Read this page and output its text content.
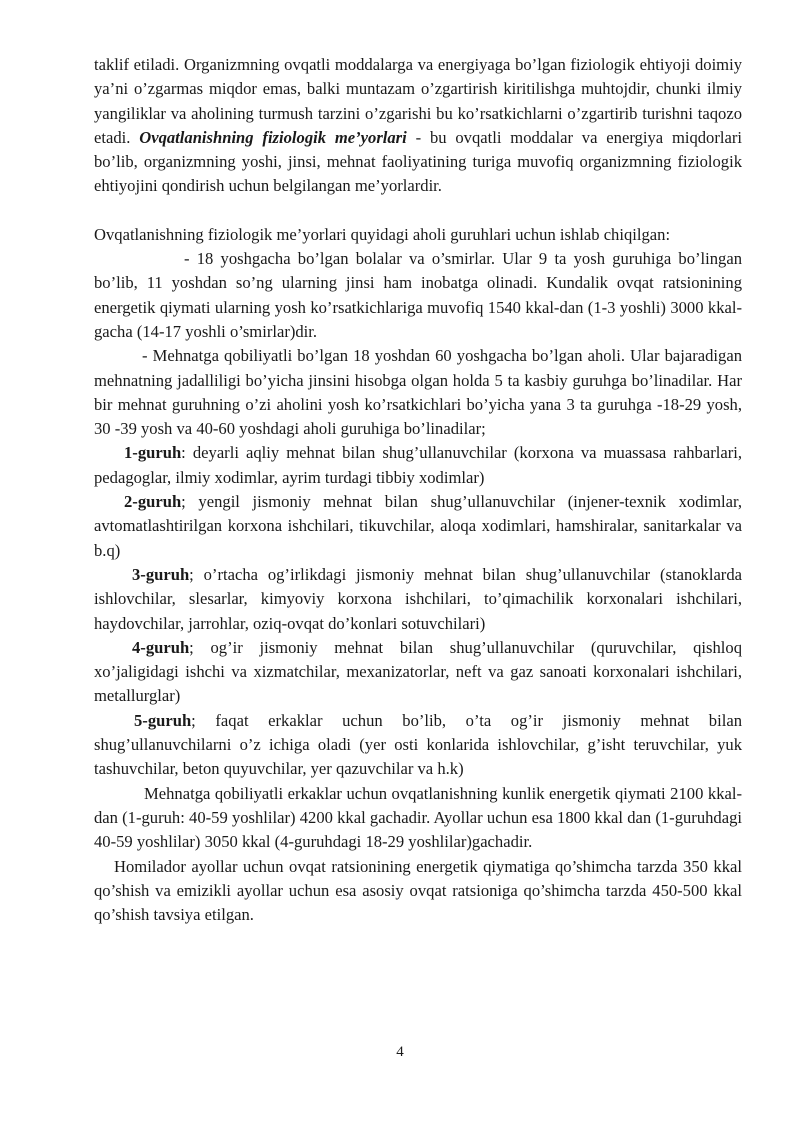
taklif etiladi. Organizmning ovqatli moddalarga va energiyaga bo’lgan fiziologik ehtiyoji doimiy ya’ni o’zgarmas miqdor emas, balki muntazam o’zgartirish kiritilishga muhtojdir, chunki ilmiy yangiliklar va aholining turmush tarzini o’zgarishi bu ko’rsatkichlarni o’zgartirib turishni taqozo etadi. Ovqatlanishning fiziologik me’yorlari - bu ovqatli moddalar va energiya miqdorlari bo’lib, organizmning yoshi, jinsi, mehnat faoliyatining turiga muvofiq organizmning fiziologik ehtiyojini qondirish uchun belgilangan me’yorlardir.

Ovqatlanishning fiziologik me’yorlari quyidagi aholi guruhlari uchun ishlab chiqilgan:

- 18 yoshgacha bo’lgan bolalar va o’smirlar. Ular 9 ta yosh guruhiga bo’lingan bo’lib, 11 yoshdan so’ng ularning jinsi ham inobatga olinadi. Kundalik ovqat ratsionining energetik qiymati ularning yosh ko’rsatkichlariga muvofiq 1540 kkal-dan (1-3 yoshli) 3000 kkal-gacha (14-17 yoshli o’smirlar)dir.

- Mehnatga qobiliyatli bo’lgan 18 yoshdan 60 yoshgacha bo’lgan aholi. Ular bajaradigan mehnatning jadalliligi bo’yicha jinsini hisobga olgan holda 5 ta kasbiy guruhga bo’linadilar. Har bir mehnat guruhning o’zi aholini yosh ko’rsatkichlari bo’yicha yana 3 ta guruhga -18-29 yosh, 30 -39 yosh va 40-60 yoshdagi aholi guruhiga bo’linadilar;

1-guruh: deyarli aqliy mehnat bilan shug’ullanuvchilar (korxona va muassasa rahbarlari, pedagoglar, ilmiy xodimlar, ayrim turdagi tibbiy xodimlar)

2-guruh; yengil jismoniy mehnat bilan shug’ullanuvchilar (injener-texnik xodimlar, avtomatlashtirilgan korxona ishchilari, tikuvchilar, aloqa xodimlari, hamshiralar, sanitarkalar va b.q)

3-guruh; o’rtacha og’irlikdagi jismoniy mehnat bilan shug’ullanuvchilar (stanoklarda ishlovchilar, slesarlar, kimyoviy korxona ishchilari, to’qimachilik korxonalari ishchilari, haydovchilar, jarrohlar, oziq-ovqat do’konlari sotuvchilari)

4-guruh; og’ir jismoniy mehnat bilan shug’ullanuvchilar (quruvchilar, qishloq xo’jaligidagi ishchi va xizmatchilar, mexanizatorlar, neft va gaz sanoati korxonalari ishchilari, metallurglar)

5-guruh; faqat erkaklar uchun bo’lib, o’ta og’ir jismoniy mehnat bilan shug’ullanuvchilarni o’z ichiga oladi (yer osti konlarida ishlovchilar, g’isht teruvchilar, yuk tashuvchilar, beton quyuvchilar, yer qazuvchilar va h.k)

Mehnatga qobiliyatli erkaklar uchun ovqatlanishning kunlik energetik qiymati 2100 kkal-dan (1-guruh: 40-59 yoshlilar) 4200 kkal gachadir. Ayollar uchun esa 1800 kkal dan (1-guruhdagi 40-59 yoshlilar) 3050 kkal (4-guruhdagi 18-29 yoshlilar)gachadir.

Homilador ayollar uchun ovqat ratsionining energetik qiymatiga qo’shimcha tarzda 350 kkal qo’shish va emizikli ayollar uchun esa asosiy ovqat ratsioniga qo’shimcha tarzda 450-500 kkal qo’shish tavsiya etilgan.

4
